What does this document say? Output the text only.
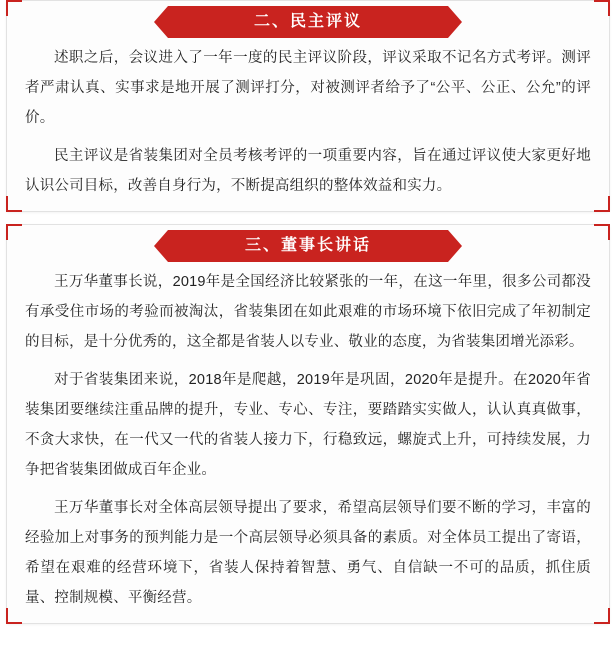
二、民主评议

述职之后，会议进入了一年一度的民主评议阶段，评议采取不记名方式考评。测评者严肃认真、实事求是地开展了测评打分，对被测评者给予了“公平、公正、公允”的评价。

民主评议是省装集团对全员考核考评的一项重要内容，旨在通过评议使大家更好地认识公司目标，改善自身行为，不断提高组织的整体效益和实力。

三、董事长讲话

王万华董事长说，2019年是全国经济比较紧张的一年，在这一年里，很多公司都没有承受住市场的考验而被淘汰，省装集团在如此艰难的市场环境下依旧完成了年初制定的目标，是十分优秀的，这全都是省装人以专业、敬业的态度，为省装集团增光添彩。

对于省装集团来说，2018年是爬越，2019年是巩固，2020年是提升。在2020年省装集团要继续注重品牌的提升，专业、专心、专注，要踏踏实实做人，认认真真做事，不贪大求快，在一代又一代的省装人接力下，行稳致远，螺旋式上升，可持续发展，力争把省装集团做成百年企业。

王万华董事长对全体高层领导提出了要求，希望高层领导们要不断的学习，丰富的经验加上对事务的预判能力是一个高层领导必须具备的素质。对全体员工提出了寄语，希望在艰难的经营环境下，省装人保持着智慧、勇气、自信缺一不可的品质，抓住质量、控制规模、平衡经营。
